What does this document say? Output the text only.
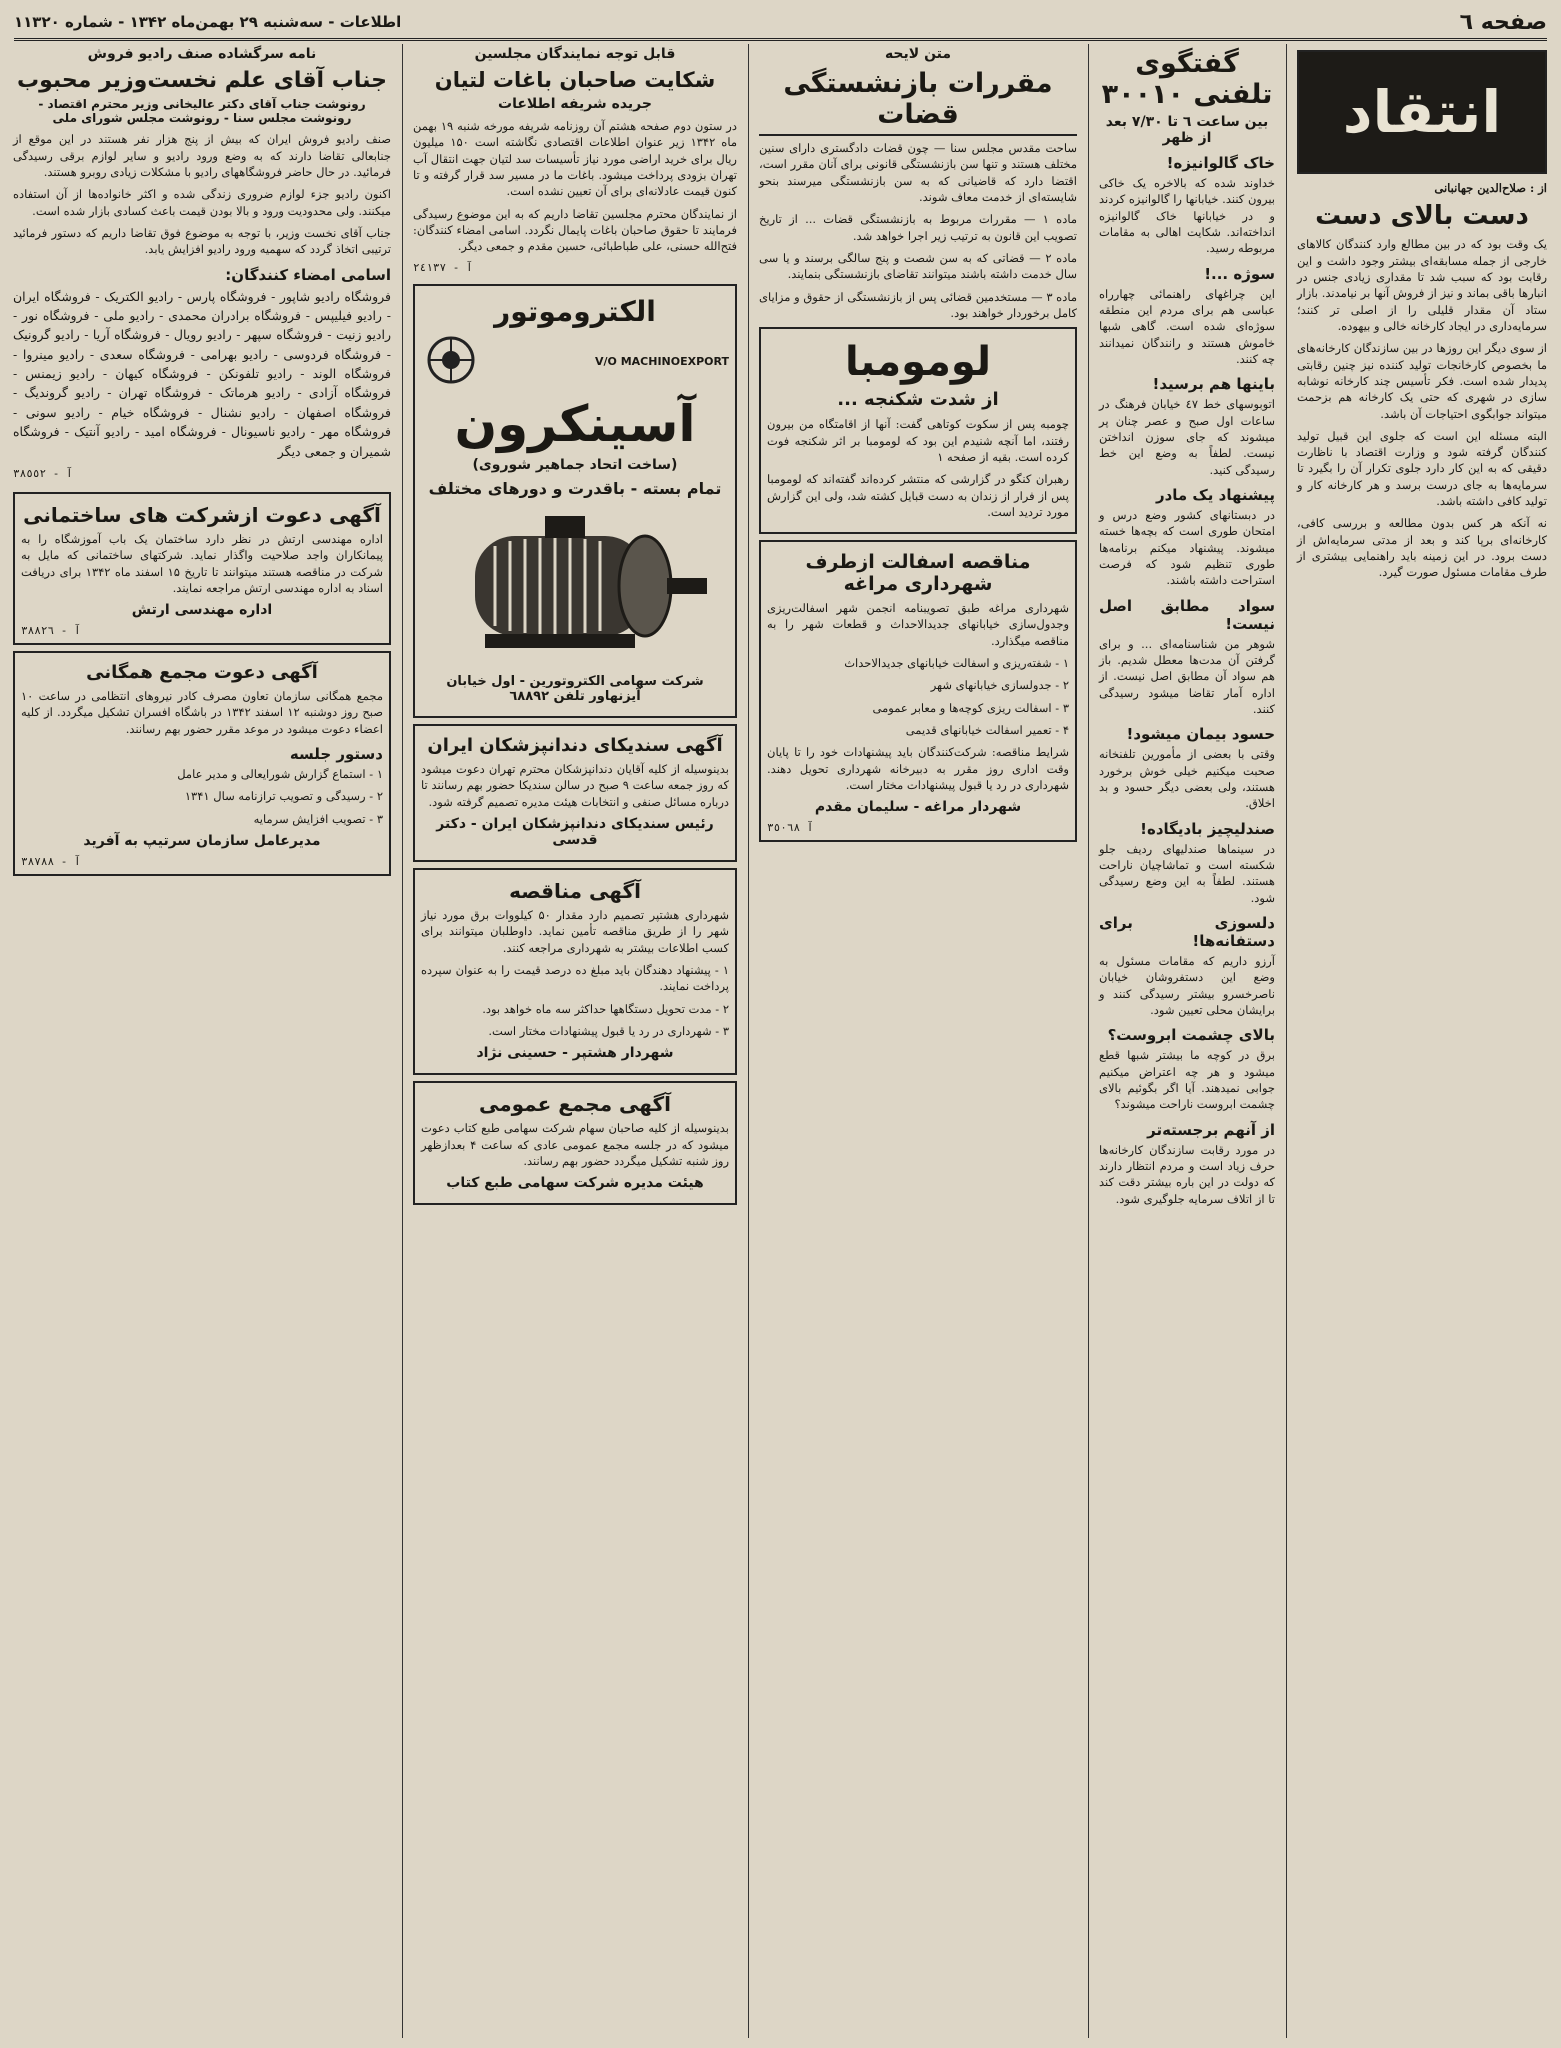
صفحه ٦
اطلاعات - سه‌شنبه ۲۹ بهمن‌ماه ۱۳۴۲ - شماره ۱۱۳۲۰
انتقاد
از : صلاح‌الدین جهانبانی
دست بالای دست

یک وقت بود که در بین مطالع وارد کنندگان کالاهای خارجی از جمله مسابقه‌ای بیشتر وجود داشت و این رقابت بود که سبب شد تا مقداری زیادی جنس در انبارها باقی بماند و نیز از فروش آنها بر نیامدند. بازار ستاد آن مقدار قلیلی را از اصلی تر کنند؛ سرمایه‌داری در ایجاد کارخانه خالی و بیهوده.

از سوی دیگر این روزها در بین سازندگان کارخانه‌های ما بخصوص کارخانجات تولید کننده نیز چنین رقابتی پدیدار شده است. فکر تأسیس چند کارخانه نوشابه سازی در شهری که حتی یک کارخانه هم بزحمت میتواند جوابگوی احتیاجات آن باشد.

البته مسئله این است که جلوی این قبیل تولید کنندگان گرفته شود و وزارت اقتصاد با ناظارت دقیقی که به این کار دارد جلوی تکرار آن را بگیرد تا سرمایه‌ها به جای درست برسد و هر کارخانه کار و تولید کافی داشته باشد.

نه آنکه هر کس بدون مطالعه و بررسی کافی، کارخانه‌ای برپا کند و بعد از مدتی سرمایه‌اش از دست برود. در این زمینه باید راهنمایی بیشتری از طرف مقامات مسئول صورت گیرد.

گفتگوی تلفنی ۳۰۰۱۰
بین ساعت ٦ تا ۷/۳۰ بعد از ظهر
خاک گالوانیزه!

خداوند شده که بالاخره یک خاکی بیرون کنند. خیابانها را گالوانیزه کردند و در خیابانها خاک گالوانیزه انداخته‌اند. شکایت اهالی به مقامات مربوطه رسید.

سوژه ...!

این چراغهای راهنمائی چهارراه عباسی هم برای مردم این منطقه سوژه‌ای شده است. گاهی شبها خاموش هستند و رانندگان نمیدانند چه کنند.

باینها هم برسید!

اتوبوسهای خط ٤٧ خیابان فرهنگ در ساعات اول صبح و عصر چنان پر میشوند که جای سوزن انداختن نیست. لطفاً به وضع این خط رسیدگی کنید.

پیشنهاد یک مادر

در دبستانهای کشور وضع درس و امتحان طوری است که بچه‌ها خسته میشوند. پیشنهاد میکنم برنامه‌ها طوری تنظیم شود که فرصت استراحت داشته باشند.

سواد مطابق اصل نیست!

شوهر من شناسنامه‌ای ... و برای گرفتن آن مدت‌ها معطل شدیم. باز هم سواد آن مطابق اصل نیست. از اداره آمار تقاضا میشود رسیدگی کنند.

حسود بیمان میشود!

وقتی با بعضی از مأمورین تلفنخانه صحبت میکنیم خیلی خوش برخورد هستند، ولی بعضی دیگر حسود و بد اخلاق.

صندلیچیز بادیگاده!

در سینماها صندلیهای ردیف جلو شکسته است و تماشاچیان ناراحت هستند. لطفاً به این وضع رسیدگی شود.

دلسوزی برای دستفانه‌ها!

آرزو داریم که مقامات مسئول به وضع این دستفروشان خیابان ناصرخسرو بیشتر رسیدگی کنند و برایشان محلی تعیین شود.

بالای چشمت ابروست؟

برق در کوچه ما بیشتر شبها قطع میشود و هر چه اعتراض میکنیم جوابی نمیدهند. آیا اگر بگوئیم بالای چشمت ابروست ناراحت میشوند؟

از آنهم برجسته‌تر

در مورد رقابت سازندگان کارخانه‌ها حرف زیاد است و مردم انتظار دارند که دولت در این باره بیشتر دقت کند تا از اتلاف سرمایه جلوگیری شود.

متن لایحه
مقررات بازنشستگی قضات

ساحت مقدس مجلس سنا — چون قضات دادگستری دارای سنین مختلف هستند و تنها سن بازنشستگی قانونی برای آنان مقرر است، اقتضا دارد که قاضیانی که به سن بازنشستگی میرسند بنحو شایسته‌ای از خدمت معاف شوند.

ماده ۱ — مقررات مربوط به بازنشستگی قضات ... از تاریخ تصویب این قانون به ترتیب زیر اجرا خواهد شد.

ماده ۲ — قضاتی که به سن شصت و پنج سالگی برسند و یا سی سال خدمت داشته باشند میتوانند تقاضای بازنشستگی بنمایند.

ماده ۳ — مستخدمین قضائی پس از بازنشستگی از حقوق و مزایای کامل برخوردار خواهند بود.

لومومبا
از شدت شکنجه ...

چومبه پس از سکوت کوتاهی گفت: آنها از اقامتگاه من بیرون رفتند، اما آنچه شنیدم این بود که لومومبا بر اثر شکنجه فوت کرده است. بقیه از صفحه ۱

رهبران کنگو در گزارشی که منتشر کرده‌اند گفته‌اند که لومومبا پس از فرار از زندان به دست قبایل کشته شد، ولی این گزارش مورد تردید است.

مناقصه اسفالت ازطرف شهرداری مراغه

شهرداری مراغه طبق تصویبنامه انجمن شهر اسفالت‌ریزی وجدول‌سازی خیابانهای جدیدالاحداث و قطعات شهر را به مناقصه میگذارد.

۱ - شفته‌ریزی و اسفالت خیابانهای جدیدالاحداث

۲ - جدولسازی خیابانهای شهر

۳ - اسفالت ریزی کوچه‌ها و معابر عمومی

۴ - تعمیر اسفالت خیابانهای قدیمی

شرایط مناقصه: شرکت‌کنندگان باید پیشنهادات خود را تا پایان وقت اداری روز مقرر به دبیرخانه شهرداری تحویل دهند. شهرداری در رد یا قبول پیشنهادات مختار است.

شهردار مراغه - سلیمان مقدم
آ ٣٥٠٦٨
قابل توجه نمایندگان مجلسین
شکایت صاحبان باغات لتیان
جریده شریفه اطلاعات

در ستون دوم صفحه هشتم آن روزنامه شریفه مورخه شنبه ۱۹ بهمن ماه ۱۳۴۲ زیر عنوان اطلاعات اقتصادی نگاشته است ۱۵۰ میلیون ریال برای خرید اراضی مورد نیاز تأسیسات سد لتیان جهت انتقال آب تهران بزودی پرداخت میشود. باغات ما در مسیر سد قرار گرفته و تا کنون قیمت عادلانه‌ای برای آن تعیین نشده است.

از نمایندگان محترم مجلسین تقاضا داریم که به این موضوع رسیدگی فرمایند تا حقوق صاحبان باغات پایمال نگردد. اسامی امضاء کنندگان: فتح‌الله حسنی، علی طباطبائی، حسین مقدم و جمعی دیگر.

آ - ٢٤١٣٧
الکتروموتور
V/O MACHINOEXPORT
آسینکرون
(ساخت اتحاد جماهیر شوروی)
تمام بسته - باقدرت و دورهای مختلف
شرکت سهامی الکتروتورین - اول خیابان آیزنهاور تلفن ٦٨٨٩٢
آگهی سندیکای دندانپزشکان ایران

بدینوسیله از کلیه آقایان دندانپزشکان محترم تهران دعوت میشود که روز جمعه ساعت ۹ صبح در سالن سندیکا حضور بهم رسانند تا درباره مسائل صنفی و انتخابات هیئت مدیره تصمیم گرفته شود.

رئیس سندیکای دندانپزشکان ایران - دکتر قدسی
آگهی مناقصه

شهرداری هشتپر تصمیم دارد مقدار ۵۰ کیلووات برق مورد نیاز شهر را از طریق مناقصه تأمین نماید. داوطلبان میتوانند برای کسب اطلاعات بیشتر به شهرداری مراجعه کنند.

۱ - پیشنهاد دهندگان باید مبلغ ده درصد قیمت را به عنوان سپرده پرداخت نمایند.

۲ - مدت تحویل دستگاهها حداکثر سه ماه خواهد بود.

۳ - شهرداری در رد یا قبول پیشنهادات مختار است.

شهردار هشتپر - حسینی نژاد
آگهی مجمع عمومی

بدینوسیله از کلیه صاحبان سهام شرکت سهامی طبع کتاب دعوت میشود که در جلسه مجمع عمومی عادی که ساعت ۴ بعدازظهر روز شنبه تشکیل میگردد حضور بهم رسانند.

هیئت مدیره شرکت سهامی طبع کتاب
نامه سرگشاده صنف رادیو فروش
جناب آقای علم نخست‌وزیر محبوب
رونوشت جناب آقای دکتر عالیخانی وزیر محترم اقتصاد - رونوشت مجلس سنا - رونوشت مجلس شورای ملی

صنف رادیو فروش ایران که بیش از پنج هزار نفر هستند در این موقع از جنابعالی تقاضا دارند که به وضع ورود رادیو و سایر لوازم برقی رسیدگی فرمائید. در حال حاضر فروشگاههای رادیو با مشکلات زیادی روبرو هستند.

اکنون رادیو جزء لوازم ضروری زندگی شده و اکثر خانواده‌ها از آن استفاده میکنند. ولی محدودیت ورود و بالا بودن قیمت باعث کسادی بازار شده است.

جناب آقای نخست وزیر، با توجه به موضوع فوق تقاضا داریم که دستور فرمائید ترتیبی اتخاذ گردد که سهمیه ورود رادیو افزایش یابد.

اسامی امضاء کنندگان:

فروشگاه رادیو شاپور - فروشگاه پارس - رادیو الکتریک - فروشگاه ایران - رادیو فیلیپس - فروشگاه برادران محمدی - رادیو ملی - فروشگاه نور - رادیو زنیت - فروشگاه سپهر - رادیو رویال - فروشگاه آریا - رادیو گرونیک - فروشگاه فردوسی - رادیو بهرامی - فروشگاه سعدی - رادیو مینروا - فروشگاه الوند - رادیو تلفونکن - فروشگاه کیهان - رادیو زیمنس - فروشگاه آزادی - رادیو هرماتک - فروشگاه تهران - رادیو گروندیگ - فروشگاه اصفهان - رادیو نشنال - فروشگاه خیام - رادیو سونی - فروشگاه مهر - رادیو ناسیونال - فروشگاه امید - رادیو آنتیک - فروشگاه شمیران و جمعی دیگر

آ - ٣٨٥٥٢
آگهی دعوت ازشرکت های ساختمانی

اداره مهندسی ارتش در نظر دارد ساختمان یک باب آموزشگاه را به پیمانکاران واجد صلاحیت واگذار نماید. شرکتهای ساختمانی که مایل به شرکت در مناقصه هستند میتوانند تا تاریخ ۱۵ اسفند ماه ۱۳۴۲ برای دریافت اسناد به اداره مهندسی ارتش مراجعه نمایند.

اداره مهندسی ارتش
آ - ٣٨٨٢٦
آگهی دعوت مجمع همگانی

مجمع همگانی سازمان تعاون مصرف کادر نیروهای انتظامی در ساعت ۱۰ صبح روز دوشنبه ۱۲ اسفند ۱۳۴۲ در باشگاه افسران تشکیل میگردد. از کلیه اعضاء دعوت میشود در موعد مقرر حضور بهم رسانند.

دستور جلسه

۱ - استماع گزارش شورایعالی و مدیر عامل

۲ - رسیدگی و تصویب ترازنامه سال ۱۳۴۱

۳ - تصویب افزایش سرمایه

مدیرعامل سازمان سرتیپ به آفرید
آ - ٣٨٧٨٨
